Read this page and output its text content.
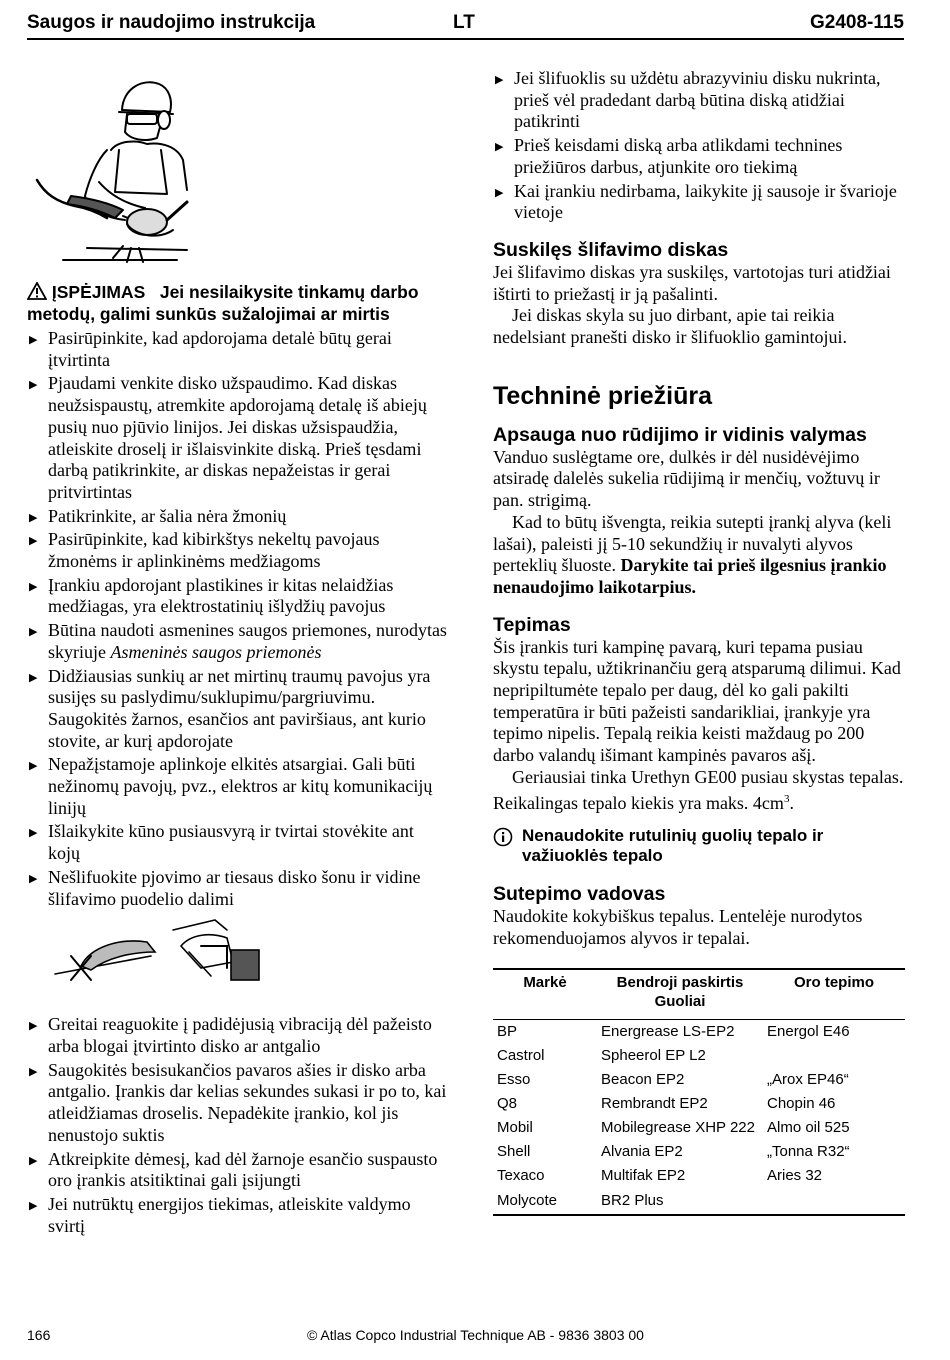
Saugos ir naudojimo instrukcija	LT	G2408-115
ĮSPĖJIMAS Jei nesilaikysite tinkamų darbo metodų, galimi sunkūs sužalojimai ar mirtis
▶ Pasirūpinkite, kad apdorojama detalė būtų gerai įtvirtinta
▶ Pjaudami venkite disko užspaudimo. Kad diskas neužsispaustų, atremkite apdorojamą detalę iš abiejų pusių nuo pjūvio linijos. Jei diskas užsispaudžia, atleiskite droselį ir išlaisvinkite diską. Prieš tęsdami darbą patikrinkite, ar diskas nepažeistas ir gerai pritvirtintas
▶ Patikrinkite, ar šalia nėra žmonių
▶ Pasirūpinkite, kad kibirkštys nekeltų pavojaus žmonėms ir aplinkinėms medžiagoms
▶ Įrankiu apdorojant plastikines ir kitas nelaidžias medžiagas, yra elektrostatinių išlydžių pavojus
▶ Būtina naudoti asmenines saugos priemones, nurodytas skyriuje Asmeninės saugos priemonės
▶ Didžiausias sunkių ar net mirtinų traumų pavojus yra susijęs su paslydimu/suklupimu/pargriuvimu. Saugokitės žarnos, esančios ant paviršiaus, ant kurio stovite, ar kurį apdorojate
▶ Nepažįstamoje aplinkoje elkitės atsargiai. Gali būti nežinomų pavojų, pvz., elektros ar kitų komunikacijų linijų
▶ Išlaikykite kūno pusiausvyrą ir tvirtai stovėkite ant kojų
▶ Nešlifuokite pjovimo ar tiesaus disko šonu ir vidine šlifavimo puodelio dalimi
▶ Greitai reaguokite į padidėjusią vibraciją dėl pažeisto arba blogai įtvirtinto disko ar antgalio
▶ Saugokitės besisukančios pavaros ašies ir disko arba antgalio. Įrankis dar kelias sekundes sukasi ir po to, kai atleidžiamas droselis. Nepadėkite įrankio, kol jis nenustojo suktis
▶ Atkreipkite dėmesį, kad dėl žarnoje esančio suspausto oro įrankis atsitiktinai gali įsijungti
▶ Jei nutrūktų energijos tiekimas, atleiskite valdymo svirtį
▶ Jei šlifuoklis su uždėtu abrazyviniu disku nukrinta, prieš vėl pradedant darbą būtina diską atidžiai patikrinti
▶ Prieš keisdami diską arba atlikdami technines priežiūros darbus, atjunkite oro tiekimą
▶ Kai įrankiu nedirbama, laikykite jį sausoje ir švarioje vietoje
Suskilęs šlifavimo diskas

Jei šlifavimo diskas yra suskilęs, vartotojas turi atidžiai ištirti to priežastį ir ją pašalinti.

Jei diskas skyla su juo dirbant, apie tai reikia nedelsiant pranešti disko ir šlifuoklio gamintojui.

Techninė priežiūra
Apsauga nuo rūdijimo ir vidinis valymas

Vanduo suslėgtame ore, dulkės ir dėl nusidėvėjimo atsiradę dalelės sukelia rūdijimą ir menčių, vožtuvų ir pan. strigimą.

Kad to būtų išvengta, reikia sutepti įrankį alyva (keli lašai), paleisti jį 5-10 sekundžių ir nuvalyti alyvos perteklių šluoste. Darykite tai prieš ilgesnius įrankio nenaudojimo laikotarpius.

Tepimas

Šis įrankis turi kampinę pavarą, kuri tepama pusiau skystu tepalu, užtikrinančiu gerą atsparumą dilimui. Kad nepripiltumėte tepalo per daug, dėl ko gali pakilti temperatūra ir būti pažeisti sandarikliai, įrankyje yra tepimo nipelis. Tepalą reikia keisti maždaug po 200 darbo valandų išimant kampinės pavaros ašį.

Geriausiai tinka Urethyn GE00 pusiau skystas tepalas. Reikalingas tepalo kiekis yra maks. $4cm^3$.

Nenaudokite rutulinių guolių tepalo ir važiuoklės tepalo
Sutepimo vadovas

Naudokite kokybiškus tepalus. Lentelėje nurodytos rekomenduojamos alyvos ir tepalai.

Markė	Bendroji paskirtis Guoliai	Oro tepimo
BP	Energrease LS-EP2	Energol E46
Castrol	Spheerol EP L2	
Esso	Beacon EP2	„Arox EP46“
Q8	Rembrandt EP2	Chopin 46
Mobil	Mobilegrease XHP 222	Almo oil 525
Shell	Alvania EP2	„Tonna R32“
Texaco	Multifak EP2	Aries 32
Molycote	BR2 Plus	
166	© Atlas Copco Industrial Technique AB - 9836 3803 00
